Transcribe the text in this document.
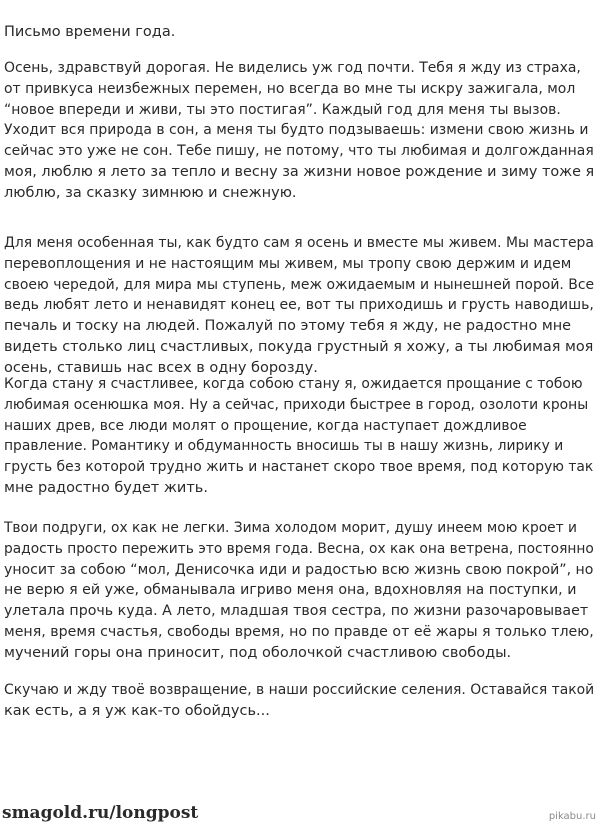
Письмо времени года.
Осень, здравствуй дорогая. Не виделись уж год почти. Тебя я жду из страха,
от привкуса неизбежных перемен, но всегда во мне ты искру зажигала, мол
“новое впереди и живи, ты это постигая”. Каждый год для меня ты вызов.
Уходит вся природа в сон, а меня ты будто подзываешь: измени свою жизнь и
сейчас это уже не сон. Тебе пишу, не потому, что ты любимая и долгожданная
моя, люблю я лето за тепло и весну за жизни новое рождение и зиму тоже я
люблю, за сказку зимнюю и снежную.
Для меня особенная ты, как будто сам я осень и вместе мы живем. Мы мастера
перевоплощения и не настоящим мы живем, мы тропу свою держим и идем
своею чередой, для мира мы ступень, меж ожидаемым и нынешней порой. Все
ведь любят лето и ненавидят конец ее, вот ты приходишь и грусть наводишь,
печаль и тоску на людей. Пожалуй по этому тебя я жду, не радостно мне
видеть столько лиц счастливых, покуда грустный я хожу, а ты любимая моя
осень, ставишь нас всех в одну борозду.
Когда стану я счастливее, когда собою стану я, ожидается прощание с тобою
любимая осенюшка моя. Ну а сейчас, приходи быстрее в город, озолоти кроны
наших древ, все люди молят о прощение, когда наступает дождливое
правление. Романтику и обдуманность вносишь ты в нашу жизнь, лирику и
грусть без которой трудно жить и настанет скоро твое время, под которую так
мне радостно будет жить.
Твои подруги, ох как не легки. Зима холодом морит, душу инеем мою кроет и
радость просто пережить это время года. Весна, ох как она ветрена, постоянно
уносит за собою “мол, Денисочка иди и радостью всю жизнь свою покрой”, но
не верю я ей уже, обманывала игриво меня она, вдохновляя на поступки, и
улетала прочь куда. А лето, младшая твоя сестра, по жизни разочаровывает
меня, время счастья, свободы время, но по правде от её жары я только тлею,
мучений горы она приносит, под оболочкой счастливою свободы.
Скучаю и жду твоё возвращение, в наши российские селения. Оставайся такой
как есть, а я уж как-то обойдусь...
smagold.ru/longpost	pikabu.ru
